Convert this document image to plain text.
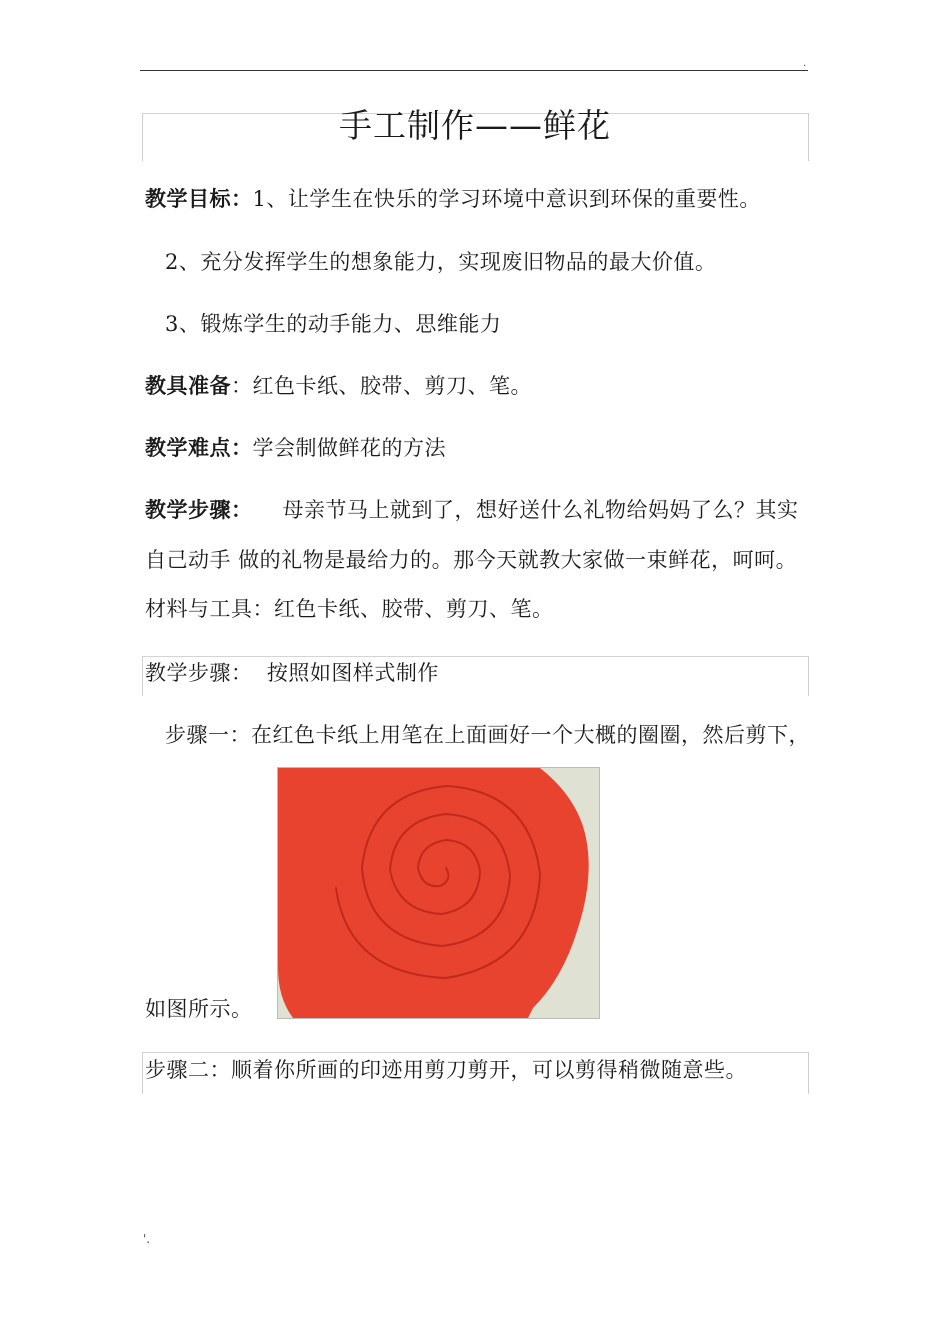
.
手工制作——鲜花
教学目标：1、让学生在快乐的学习环境中意识到环保的重要性。
2、充分发挥学生的想象能力，实现废旧物品的最大价值。
3、锻炼学生的动手能力、思维能力
教具准备：红色卡纸、胶带、剪刀、笔。
教学难点：学会制做鲜花的方法
教学步骤： 母亲节马上就到了，想好送什么礼物给妈妈了么？其实
自己动手 做的礼物是最给力的。那今天就教大家做一束鲜花，呵呵。
材料与工具：红色卡纸、胶带、剪刀、笔。
教学步骤：  按照如图样式制作
步骤一：在红色卡纸上用笔在上面画好一个大概的圈圈，然后剪下，
如图所示。
步骤二：顺着你所画的印迹用剪刀剪开，可以剪得稍微随意些。
'.
